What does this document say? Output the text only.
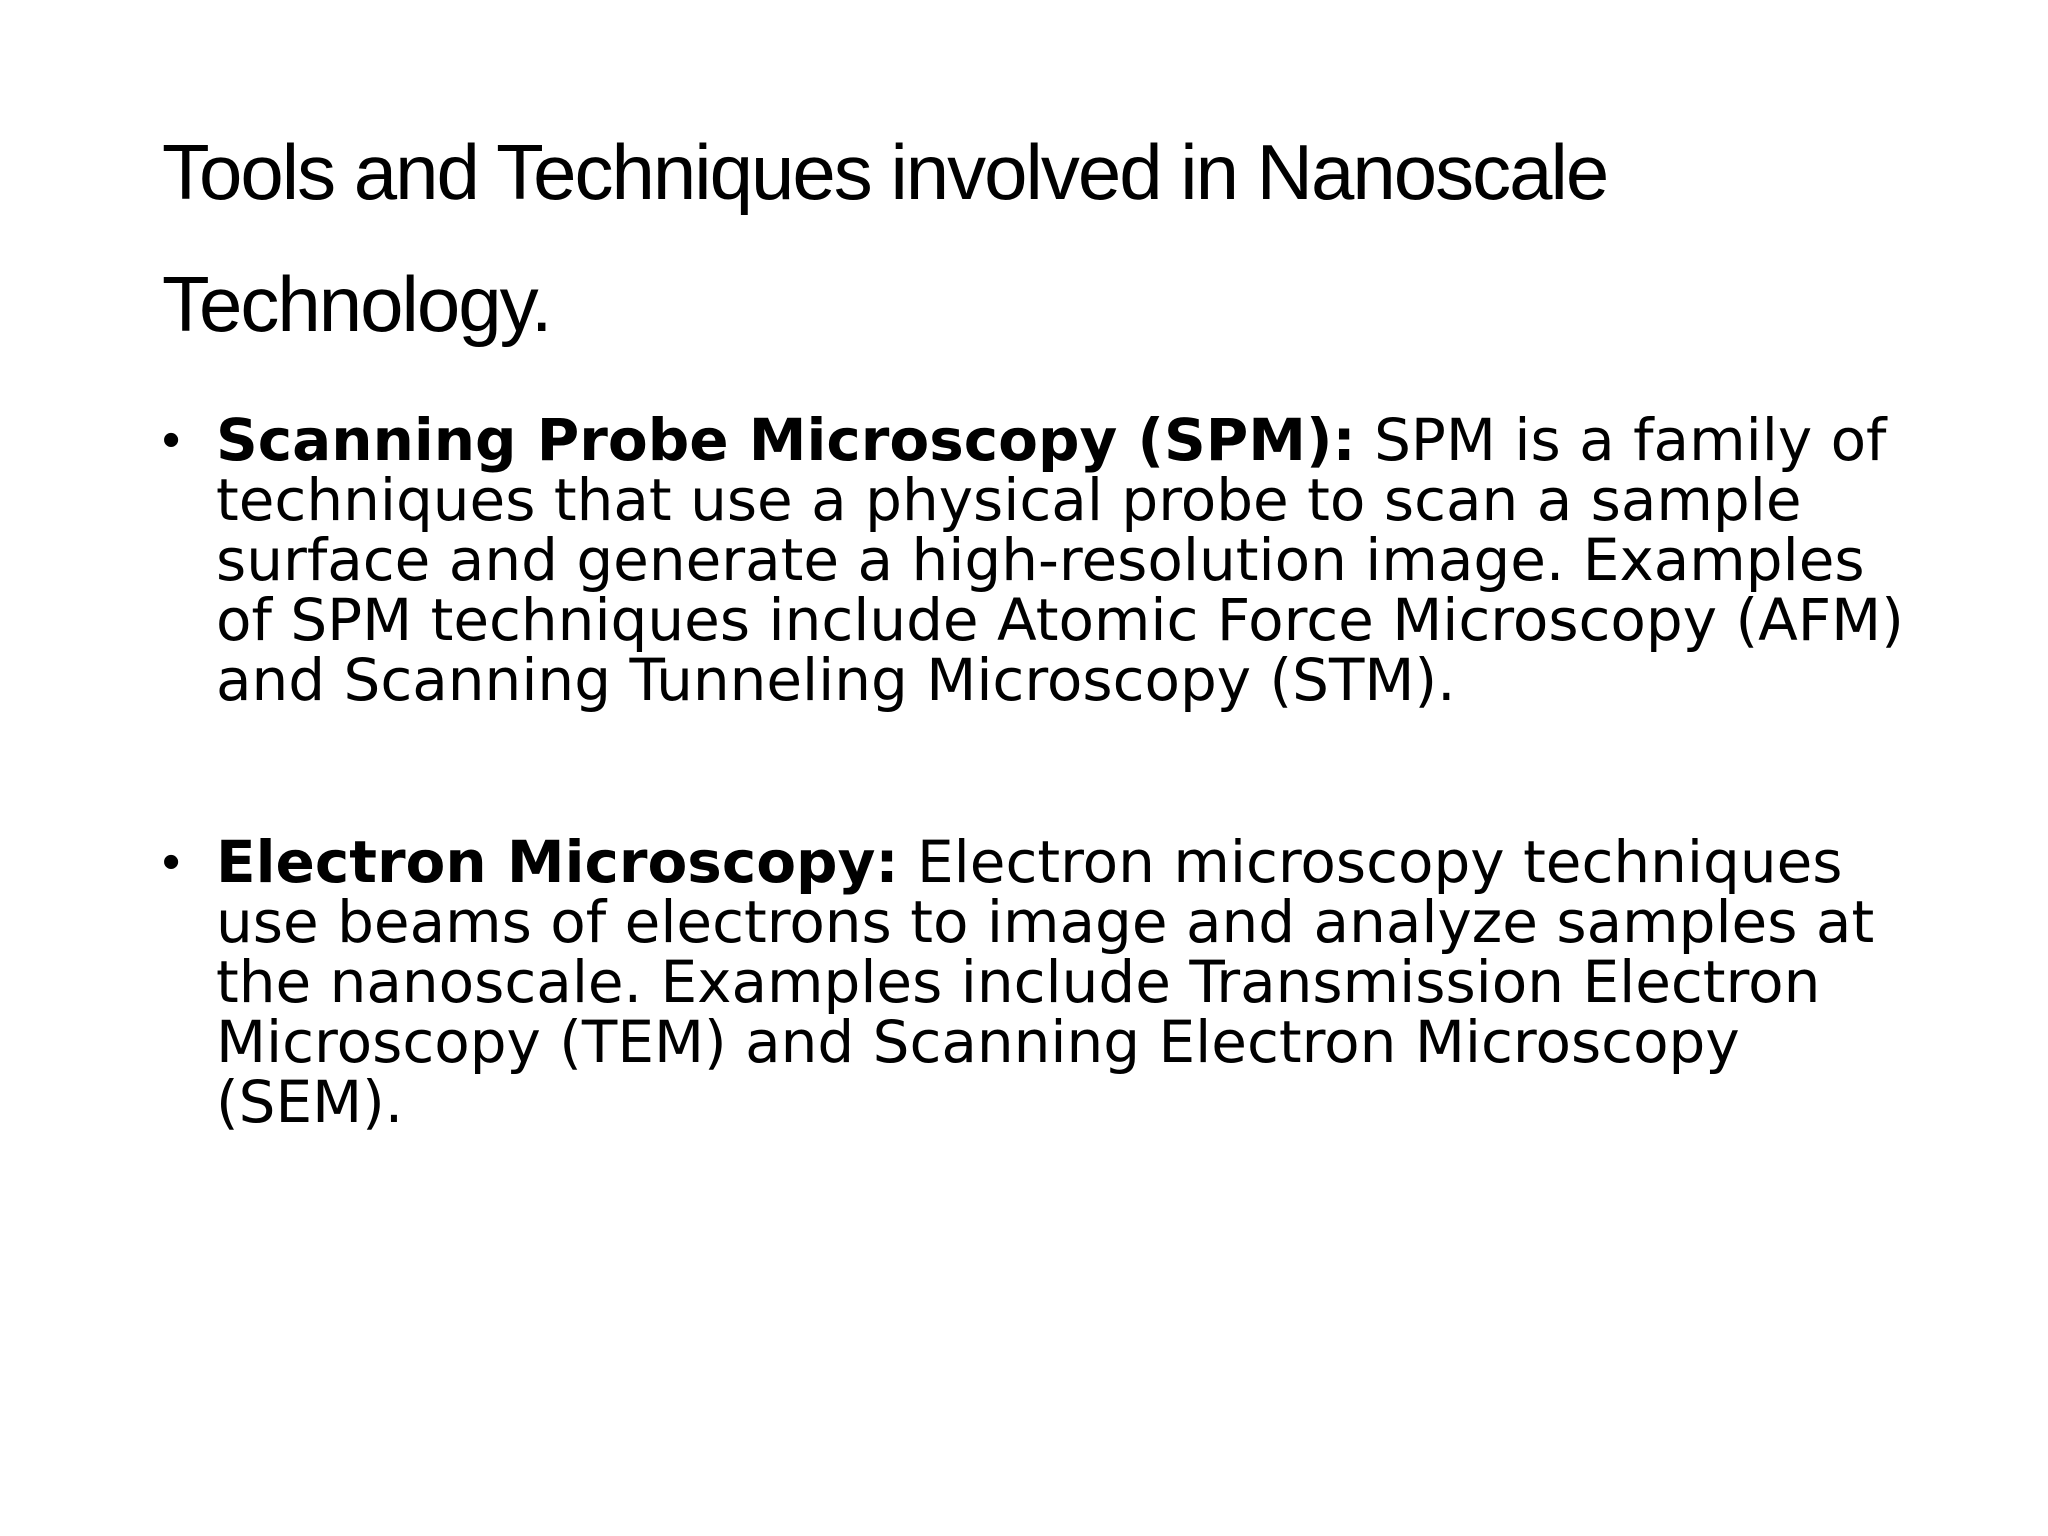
Tools and Techniques involved in Nanoscale Technology.
• Scanning Probe Microscopy (SPM): SPM is a family of techniques that use a physical probe to scan a sample surface and generate a high-resolution image. Examples of SPM techniques include Atomic Force Microscopy (AFM) and Scanning Tunneling Microscopy (STM).
• Electron Microscopy: Electron microscopy techniques use beams of electrons to image and analyze samples at the nanoscale. Examples include Transmission Electron Microscopy (TEM) and Scanning Electron Microscopy (SEM).
